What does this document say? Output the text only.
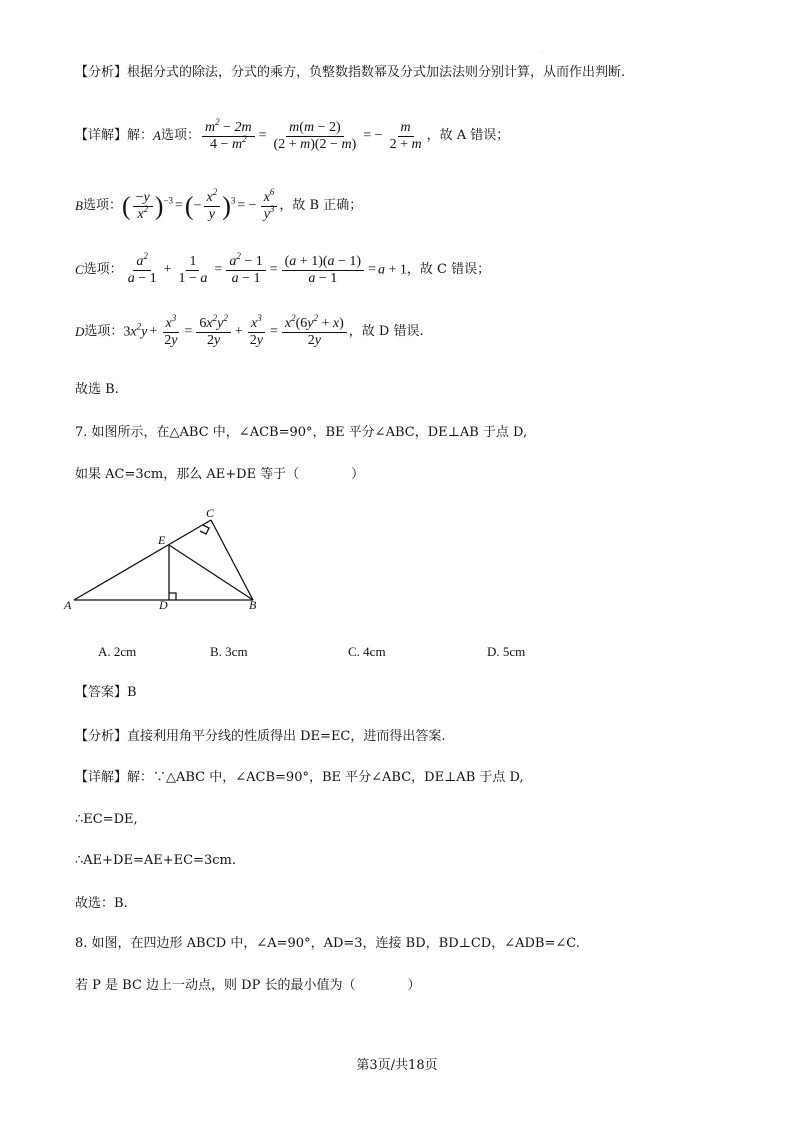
·
【分析】根据分式的除法，分式的乘方，负整数指数幂及分式加法法则分别计算，从而作出判断.
【详解】解： A 选项： $\frac{m^2 - 2m}{4 - m^2} = \frac{m(m - 2)}{(2 + m)(2 - m)}$ = − $\frac{m}{2 + m}$ ，故 A 错误；
B 选项： ( $\frac{-y}{x^2} )^{-3}$ =(− $\frac{x^2}{y} )^3$ = − $\frac{x^6}{y^3}$ ，故 B 正确；
C 选项： $\frac{a^2}{a - 1} + \frac{1}{1 - a} = \frac{a^2 - 1}{a - 1} = \frac{(a + 1)(a - 1)}{a - 1} = a + 1$ ，故 C 错误；
D 选项： $3x^2y + \frac{x^3}{2y} = \frac{6x^2y^2}{2y} + \frac{x^3}{2y} = \frac{x^2(6y^2 + x)}{2y}$ ，故 D 错误.
故选 B.
7. 如图所示，在△ABC 中，∠ACB=90°，BE 平分∠ABC，DE⊥AB 于点 D,
如果 AC=3cm，那么 AE+DE 等于（　　　　）
A	B
C
D
E
A. 2cm	B. 3cm	C. 4cm	D. 5cm
【答案】B
【分析】直接利用角平分线的性质得出 DE=EC，进而得出答案.
【详解】解：∵△ABC 中，∠ACB=90°，BE 平分∠ABC，DE⊥AB 于点 D,
∴EC=DE,
∴AE+DE=AE+EC=3cm.
故选：B.
8. 如图，在四边形 ABCD 中，∠A=90°，AD=3，连接 BD，BD⊥CD，∠ADB=∠C.
若 P 是 BC 边上一动点，则 DP 长的最小值为（　　　　）
第3页/共18页
